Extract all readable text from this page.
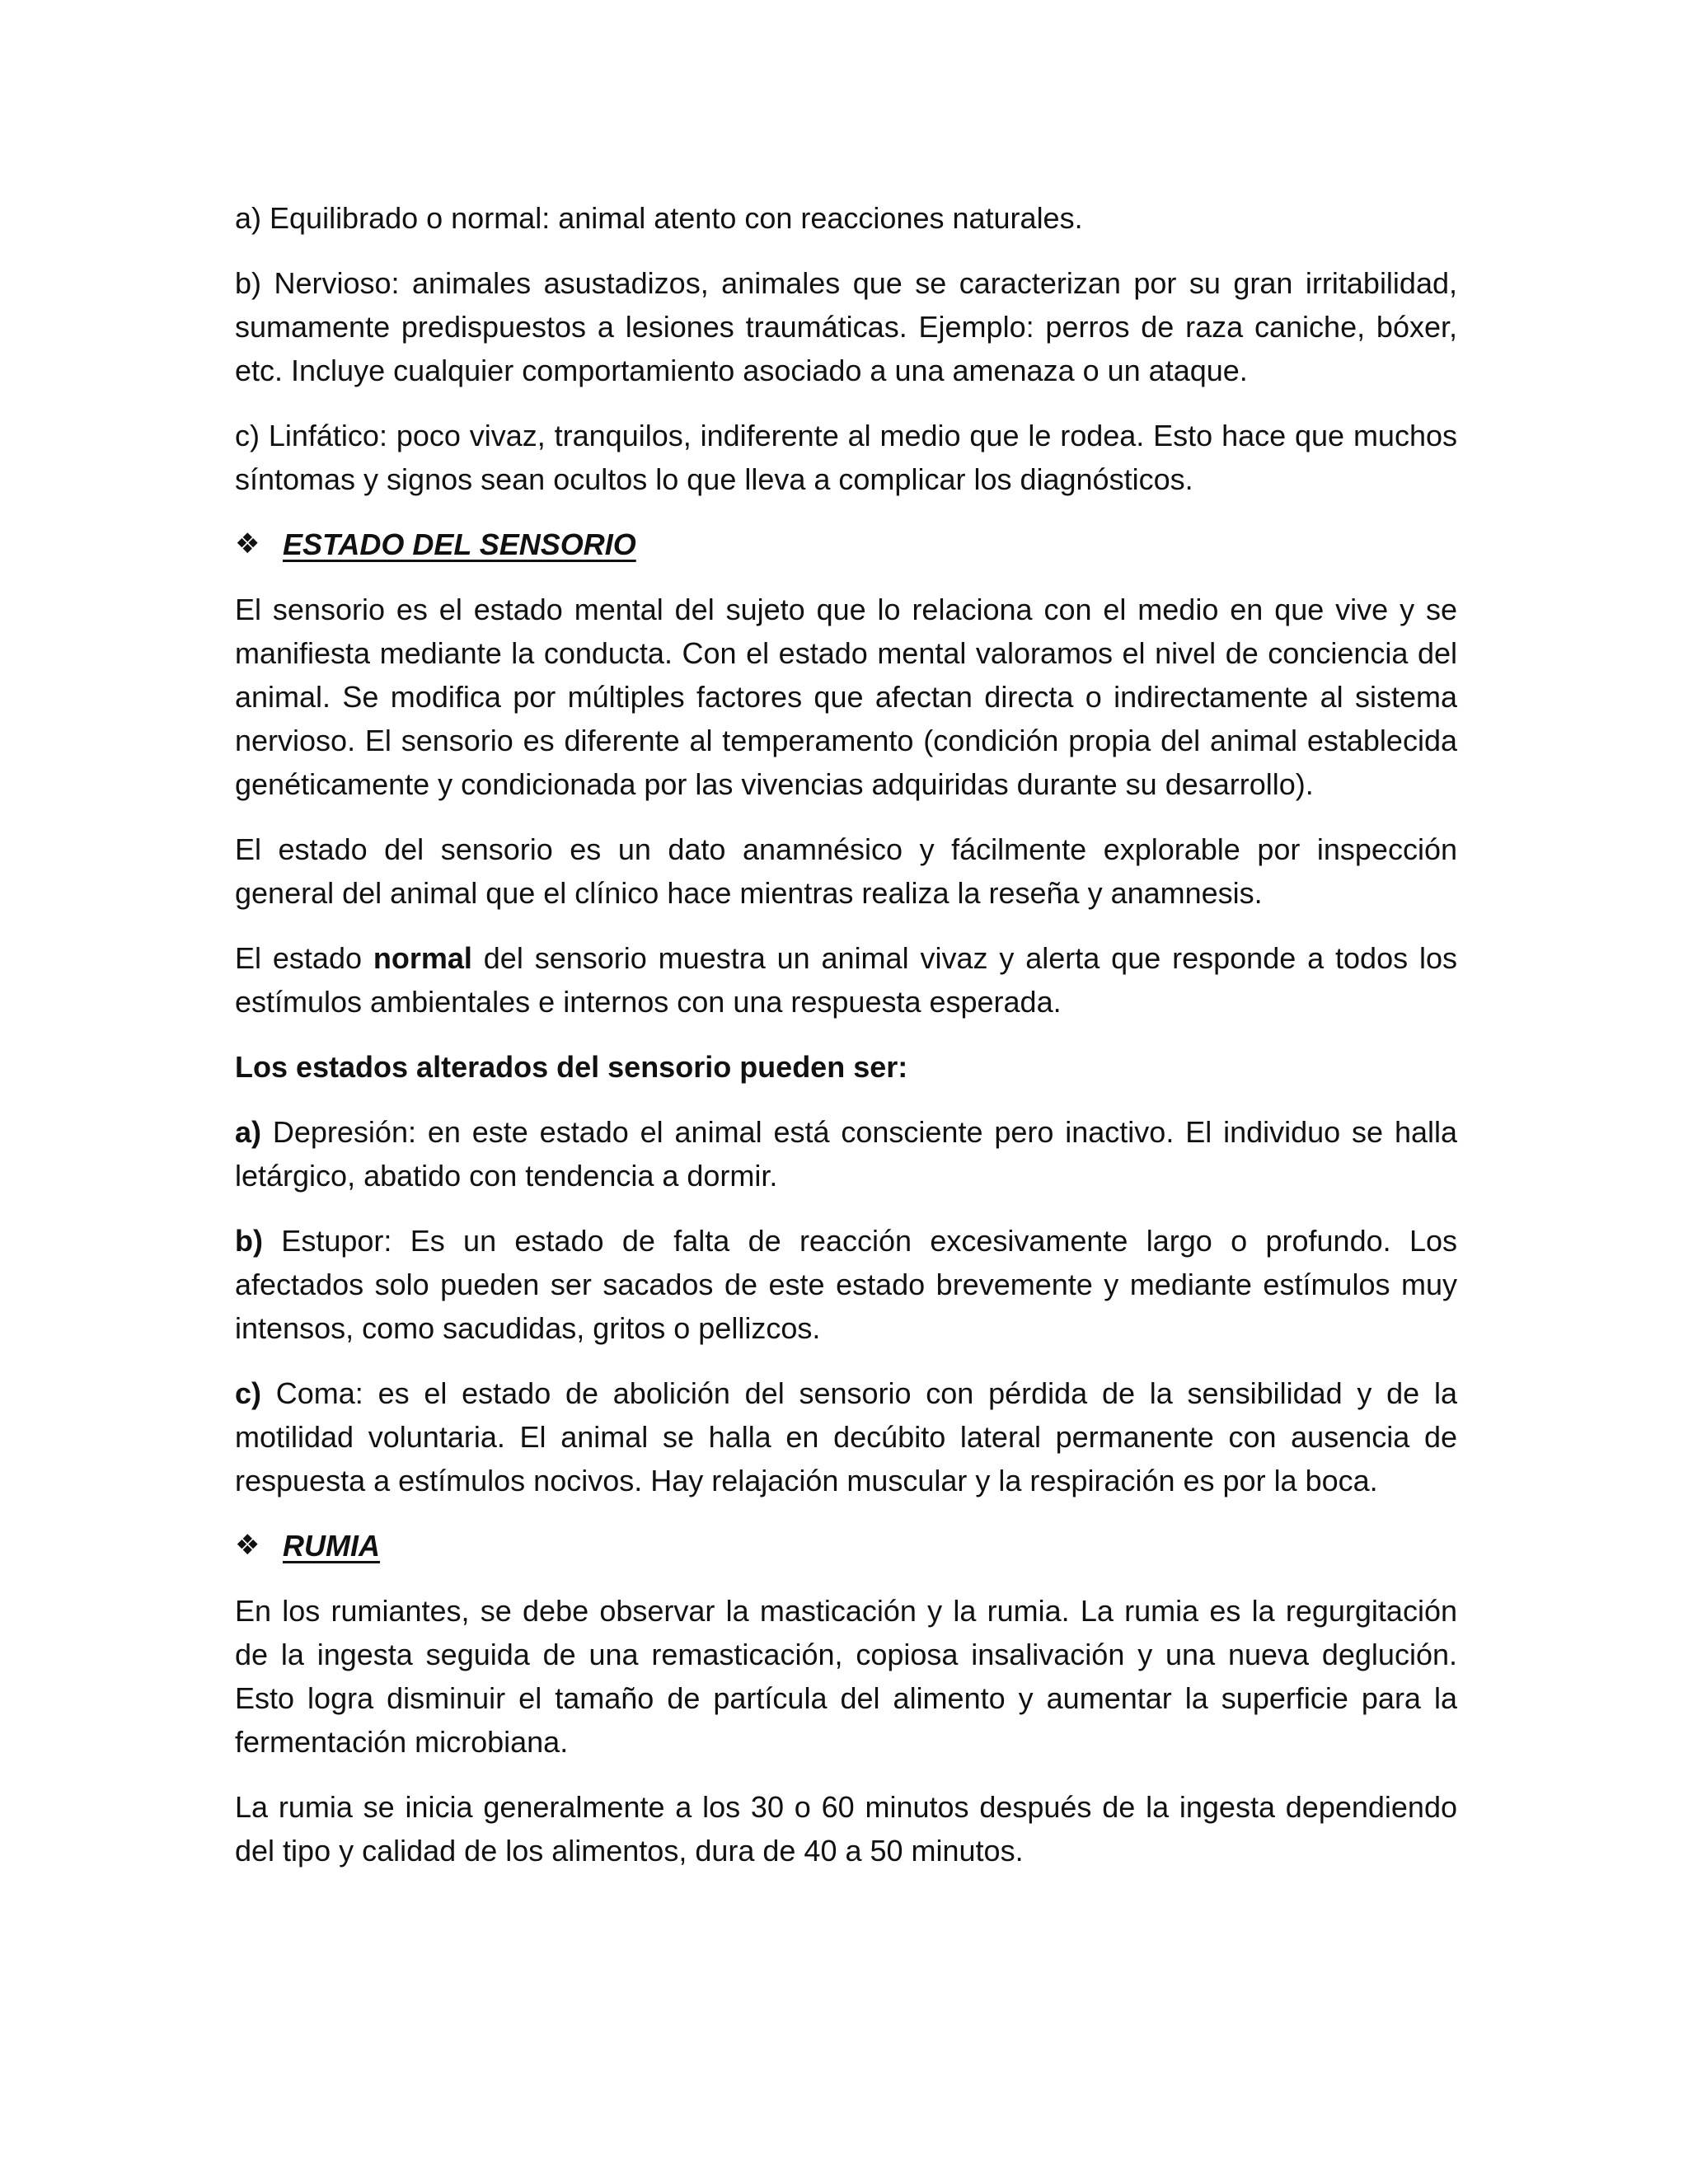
a) Equilibrado o normal: animal atento con reacciones naturales.

b) Nervioso: animales asustadizos, animales que se caracterizan por su gran irritabilidad, sumamente predispuestos a lesiones traumáticas. Ejemplo: perros de raza caniche, bóxer, etc. Incluye cualquier comportamiento asociado a una amenaza o un ataque.

c) Linfático: poco vivaz, tranquilos, indiferente al medio que le rodea. Esto hace que muchos síntomas y signos sean ocultos lo que lleva a complicar los diagnósticos.

❖ ESTADO DEL SENSORIO

El sensorio es el estado mental del sujeto que lo relaciona con el medio en que vive y se manifiesta mediante la conducta. Con el estado mental valoramos el nivel de conciencia del animal. Se modifica por múltiples factores que afectan directa o indirectamente al sistema nervioso. El sensorio es diferente al temperamento (condición propia del animal establecida genéticamente y condicionada por las vivencias adquiridas durante su desarrollo).

El estado del sensorio es un dato anamnésico y fácilmente explorable por inspección general del animal que el clínico hace mientras realiza la reseña y anamnesis.

El estado normal del sensorio muestra un animal vivaz y alerta que responde a todos los estímulos ambientales e internos con una respuesta esperada.

Los estados alterados del sensorio pueden ser:

a) Depresión: en este estado el animal está consciente pero inactivo. El individuo se halla letárgico, abatido con tendencia a dormir.

b) Estupor: Es un estado de falta de reacción excesivamente largo o profundo. Los afectados solo pueden ser sacados de este estado brevemente y mediante estímulos muy intensos, como sacudidas, gritos o pellizcos.

c) Coma: es el estado de abolición del sensorio con pérdida de la sensibilidad y de la motilidad voluntaria. El animal se halla en decúbito lateral permanente con ausencia de respuesta a estímulos nocivos. Hay relajación muscular y la respiración es por la boca.

❖ RUMIA

En los rumiantes, se debe observar la masticación y la rumia. La rumia es la regurgitación de la ingesta seguida de una remasticación, copiosa insalivación y una nueva deglución. Esto logra disminuir el tamaño de partícula del alimento y aumentar la superficie para la fermentación microbiana.

La rumia se inicia generalmente a los 30 o 60 minutos después de la ingesta dependiendo del tipo y calidad de los alimentos, dura de 40 a 50 minutos.
